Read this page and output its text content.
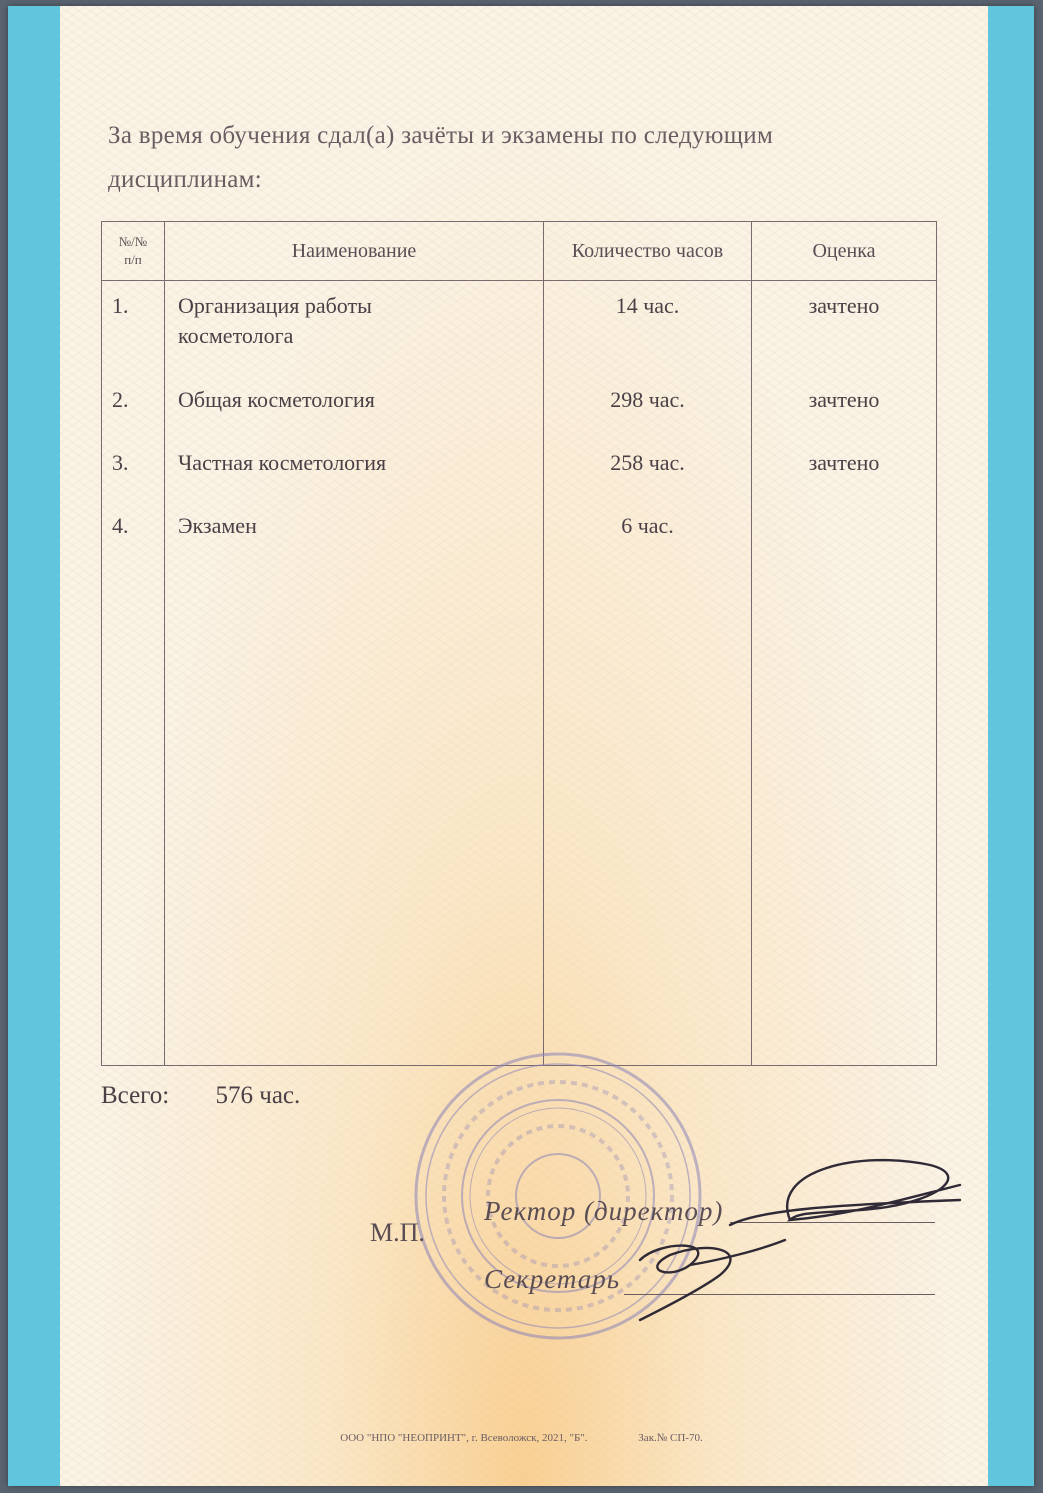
За время обучения сдал(а) зачёты и экзамены по следующим
дисциплинам:
№/№
п/п	Наименование	Количество часов	Оценка
1.	Организация работы
косметолога	14 час.	зачтено
2.	Общая косметология	298 час.	зачтено
3.	Частная косметология	258 час.	зачтено
4.	Экзамен	6 час.	

Всего: 576 час.
М.П.
Ректор (директор)
Секретарь
ООО "НПО "НЕОПРИНТ", г. Всеволожск, 2021, "Б".	Зак.№ СП-70.
